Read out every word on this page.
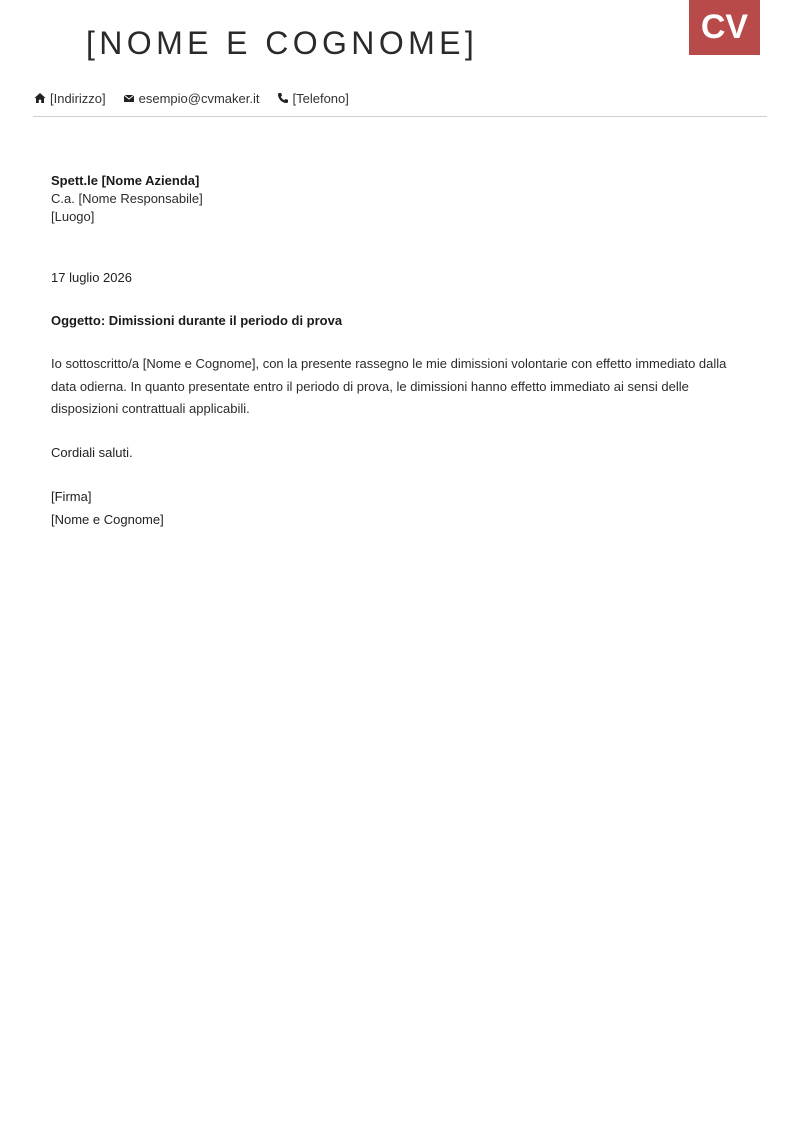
[NOME E COGNOME]	CV
[Indirizzo]	esempio@cvmaker.it	[Telefono]
Spett.le [Nome Azienda]
C.a. [Nome Responsabile]
[Luogo]
17 luglio 2026
Oggetto: Dimissioni durante il periodo di prova
Io sottoscritto/a [Nome e Cognome], con la presente rassegno le mie dimissioni volontarie con effetto immediato dalla data odierna. In quanto presentate entro il periodo di prova, le dimissioni hanno effetto immediato ai sensi delle disposizioni contrattuali applicabili.
Cordiali saluti.
[Firma]
[Nome e Cognome]
